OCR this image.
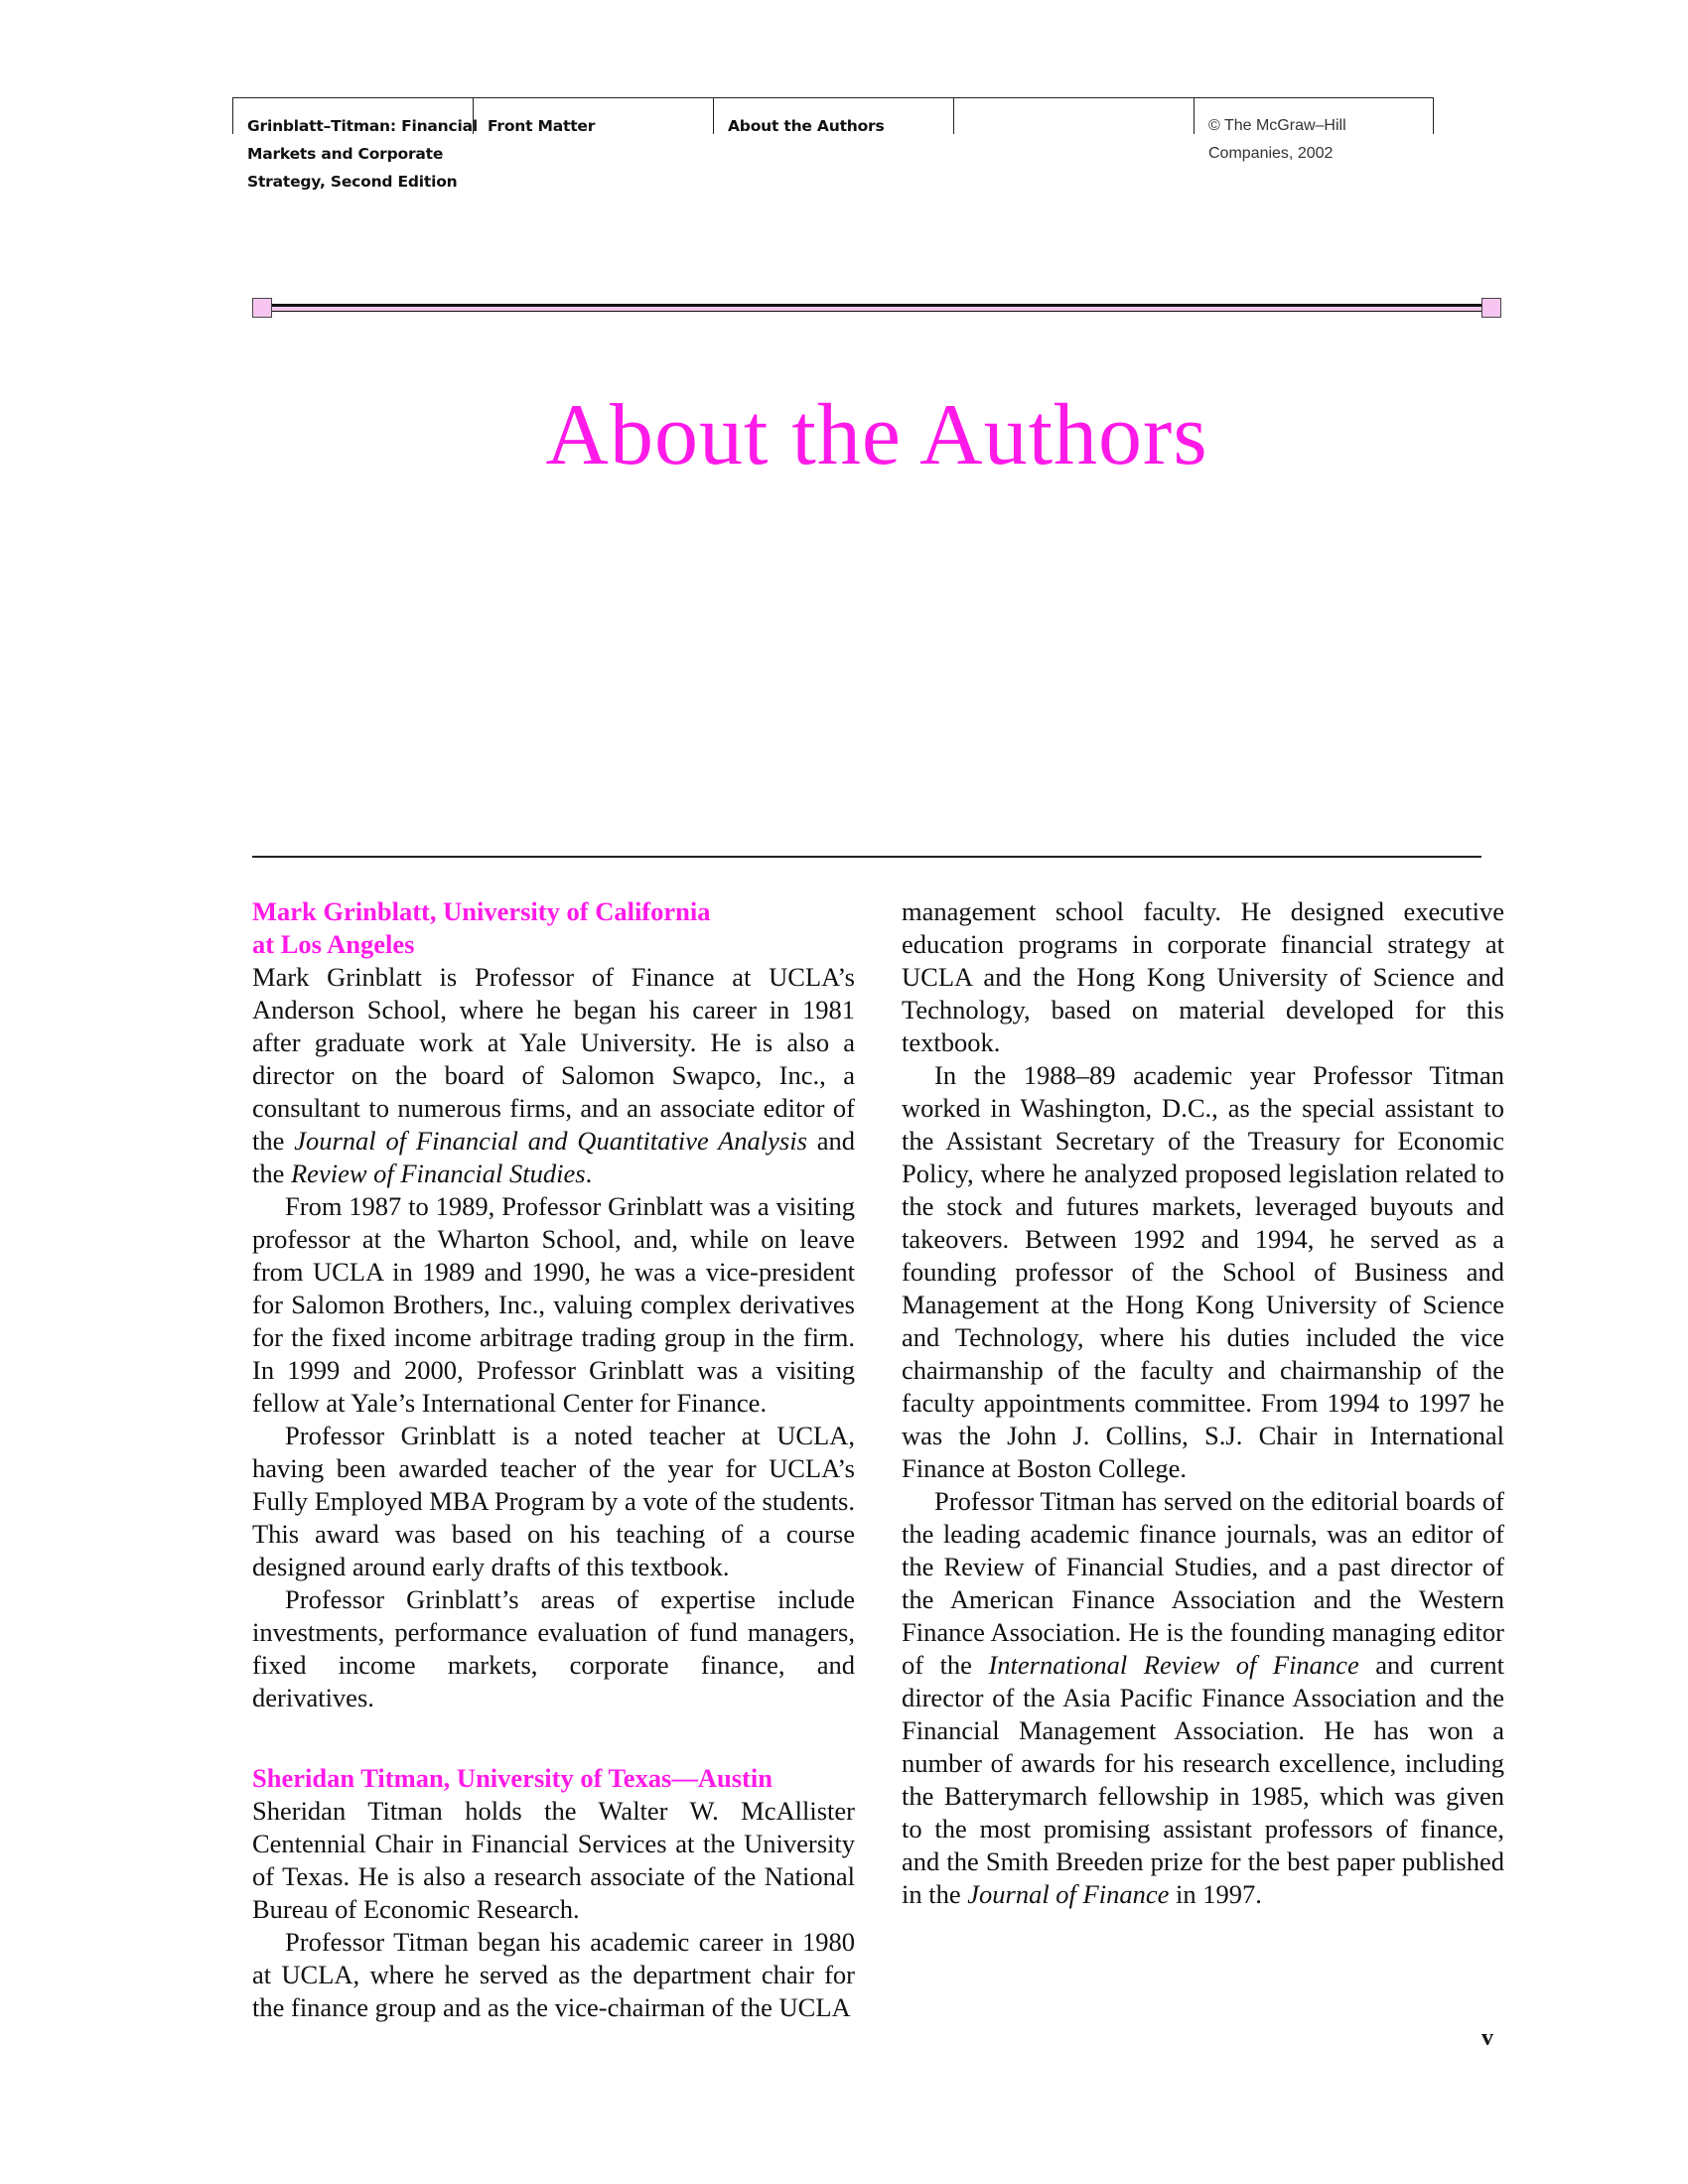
Grinblatt–Titman: Financial
Markets and Corporate
Strategy, Second Edition
Front Matter	About the Authors	© The McGraw–Hill
Companies, 2002
About the Authors

Mark Grinblatt, University of California
at Los Angeles

Mark Grinblatt is Professor of Finance at UCLA’s Anderson School, where he began his career in 1981 after graduate work at Yale University. He is also a director on the board of Salomon Swapco, Inc., a consultant to numerous firms, and an associate editor of the Journal of Financial and Quantitative Analysis and the Review of Financial Studies.

From 1987 to 1989, Professor Grinblatt was a visiting professor at the Wharton School, and, while on leave from UCLA in 1989 and 1990, he was a vice-president for Salomon Brothers, Inc., valuing complex derivatives for the fixed income arbitrage trading group in the firm. In 1999 and 2000, Professor Grinblatt was a visiting fellow at Yale’s International Center for Finance.

Professor Grinblatt is a noted teacher at UCLA, having been awarded teacher of the year for UCLA’s Fully Employed MBA Program by a vote of the students. This award was based on his teaching of a course designed around early drafts of this textbook.

Professor Grinblatt’s areas of expertise include investments, performance evaluation of fund managers, fixed income markets, corporate finance, and derivatives.

Sheridan Titman, University of Texas—Austin

Sheridan Titman holds the Walter W. McAllister Centennial Chair in Financial Services at the University of Texas. He is also a research associate of the National Bureau of Economic Research.

Professor Titman began his academic career in 1980 at UCLA, where he served as the department chair for the finance group and as the vice-chairman of the UCLA

management school faculty. He designed executive education programs in corporate financial strategy at UCLA and the Hong Kong University of Science and Technology, based on material developed for this textbook.

In the 1988–89 academic year Professor Titman worked in Washington, D.C., as the special assistant to the Assistant Secretary of the Treasury for Economic Policy, where he analyzed proposed legislation related to the stock and futures markets, leveraged buyouts and takeovers. Between 1992 and 1994, he served as a founding professor of the School of Business and Management at the Hong Kong University of Science and Technology, where his duties included the vice chairmanship of the faculty and chairmanship of the faculty appointments committee. From 1994 to 1997 he was the John J. Collins, S.J. Chair in International Finance at Boston College.

Professor Titman has served on the editorial boards of the leading academic finance journals, was an editor of the Review of Financial Studies, and a past director of the American Finance Association and the Western Finance Association. He is the founding managing editor of the International Review of Finance and current director of the Asia Pacific Finance Association and the Financial Management Association. He has won a number of awards for his research excellence, including the Batterymarch fellowship in 1985, which was given to the most promising assistant professors of finance, and the Smith Breeden prize for the best paper published in the Journal of Finance in 1997.

v
